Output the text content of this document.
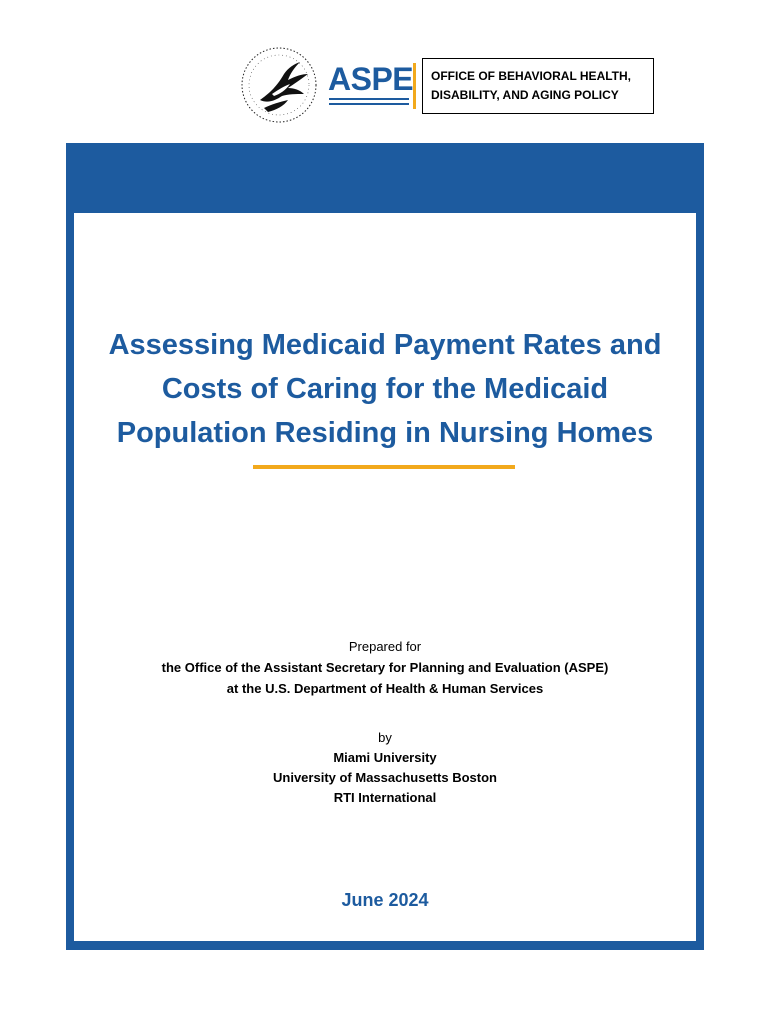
ASPE OFFICE OF BEHAVIORAL HEALTH,
DISABILITY, AND AGING POLICY
Assessing Medicaid Payment Rates and
Costs of Caring for the Medicaid
Population Residing in Nursing Homes
Prepared for
the Office of the Assistant Secretary for Planning and Evaluation (ASPE)
at the U.S. Department of Health & Human Services
by
Miami University
University of Massachusetts Boston
RTI International
June 2024
